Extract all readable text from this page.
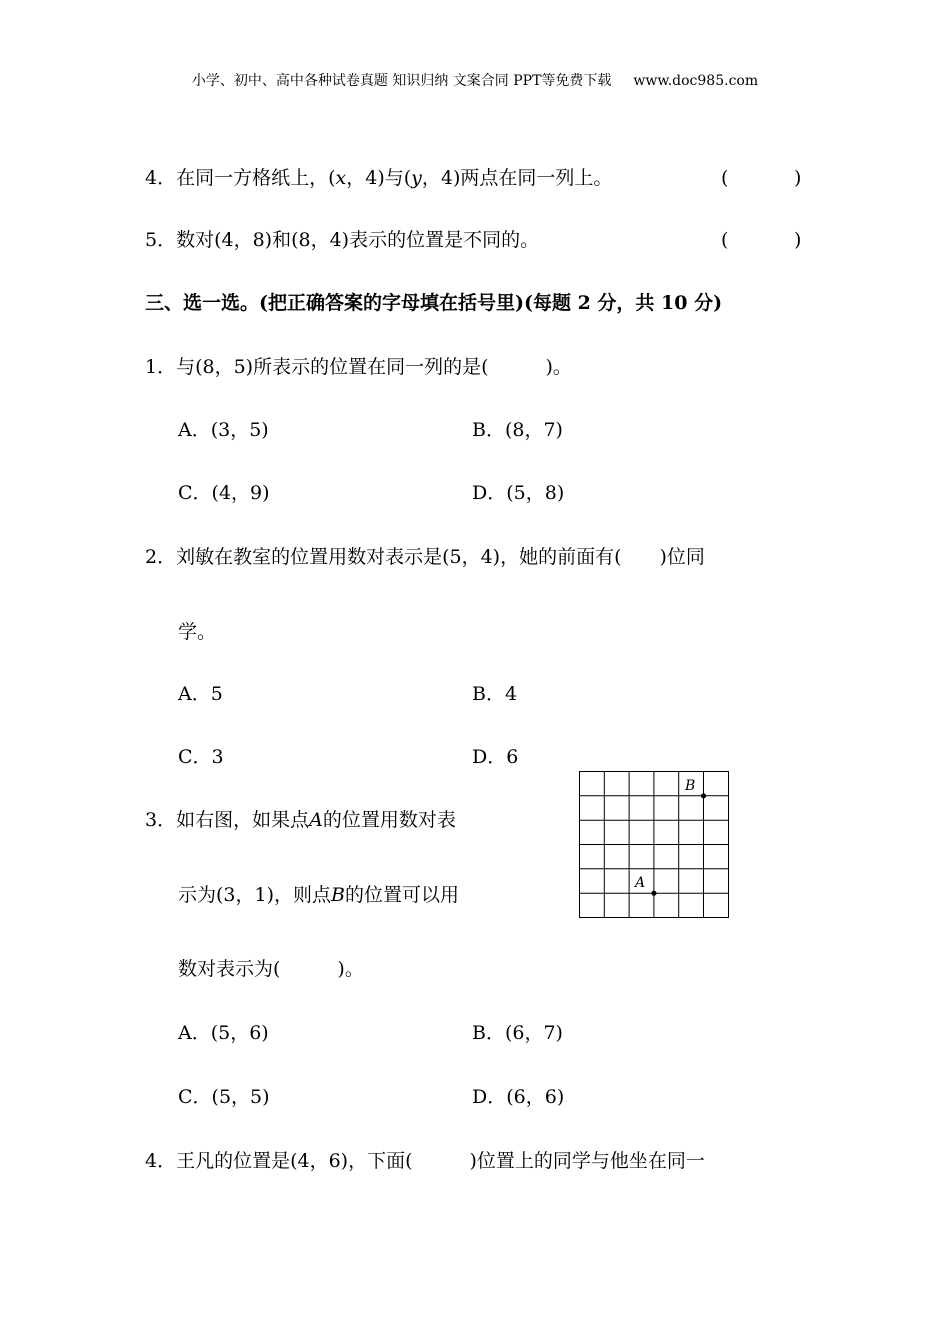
小学、初中、高中各种试卷真题 知识归纳 文案合同 PPT等免费下载 www.doc985.com
4．在同一方格纸上，(x，4)与(y，4)两点在同一列上。	(	)
5．数对(4，8)和(8，4)表示的位置是不同的。	(	)
三、选一选。(把正确答案的字母填在括号里)(每题 2 分，共 10 分)
1．与(8，5)所表示的位置在同一列的是(　　　)。
A．(3，5)	B．(8，7)
C．(4，9)	D．(5，8)
2．刘敏在教室的位置用数对表示是(5，4)，她的前面有(　　)位同
学。
A．5	B．4
C．3	D．6
3．如右图，如果点A的位置用数对表
示为(3，1)，则点B的位置可以用
数对表示为(　　　)。
A．(5，6)	B．(6，7)
C．(5，5)	D．(6，6)
B
A
4．王凡的位置是(4，6)，下面(　　　)位置上的同学与他坐在同一
